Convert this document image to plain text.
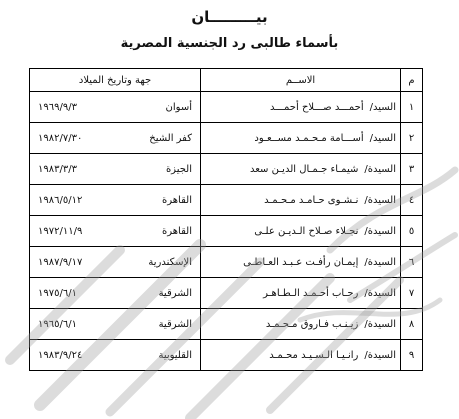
بيـــــــــان
بأسماء طالبى رد الجنسية المصرية
م	الاســم	جهة وتاريخ الميلاد
١	السيد/أحمـــد صـــلاح أحمـــد	أسوان
١٩٦٩/٩/٣

٢	السيد/أســـامة مـحـمـد مســعـود	كفر الشيخ
١٩٨٢/٧/٣٠

٣	السيدة/شيمـاء جـمـال الديـن سعد	الجيزة
١٩٨٣/٣/٣

٤	السيدة/نـشـوى حـامـد مـحـمـد	القاهرة
١٩٨٦/٥/١٢

٥	السيدة/نجـلاء صـلاح الـديـن علـى	القاهرة
١٩٧٢/١١/٩

٦	السيدة/إيمـان رأفـت عـبـد العـاطـى	الإسكندرية
١٩٨٧/٩/١٧

٧	السيدة/رحـاب أحـمـد الـطـاهـر	الشرقية
١٩٧٥/٦/١

٨	السيدة/زيـنـب فـاروق مـحـمـد	الشرقية
١٩٦٥/٦/١

٩	السيدة/رانـيـا الـسـيـد محـمـد	القليوبية
١٩٨٣/٩/٢٤
